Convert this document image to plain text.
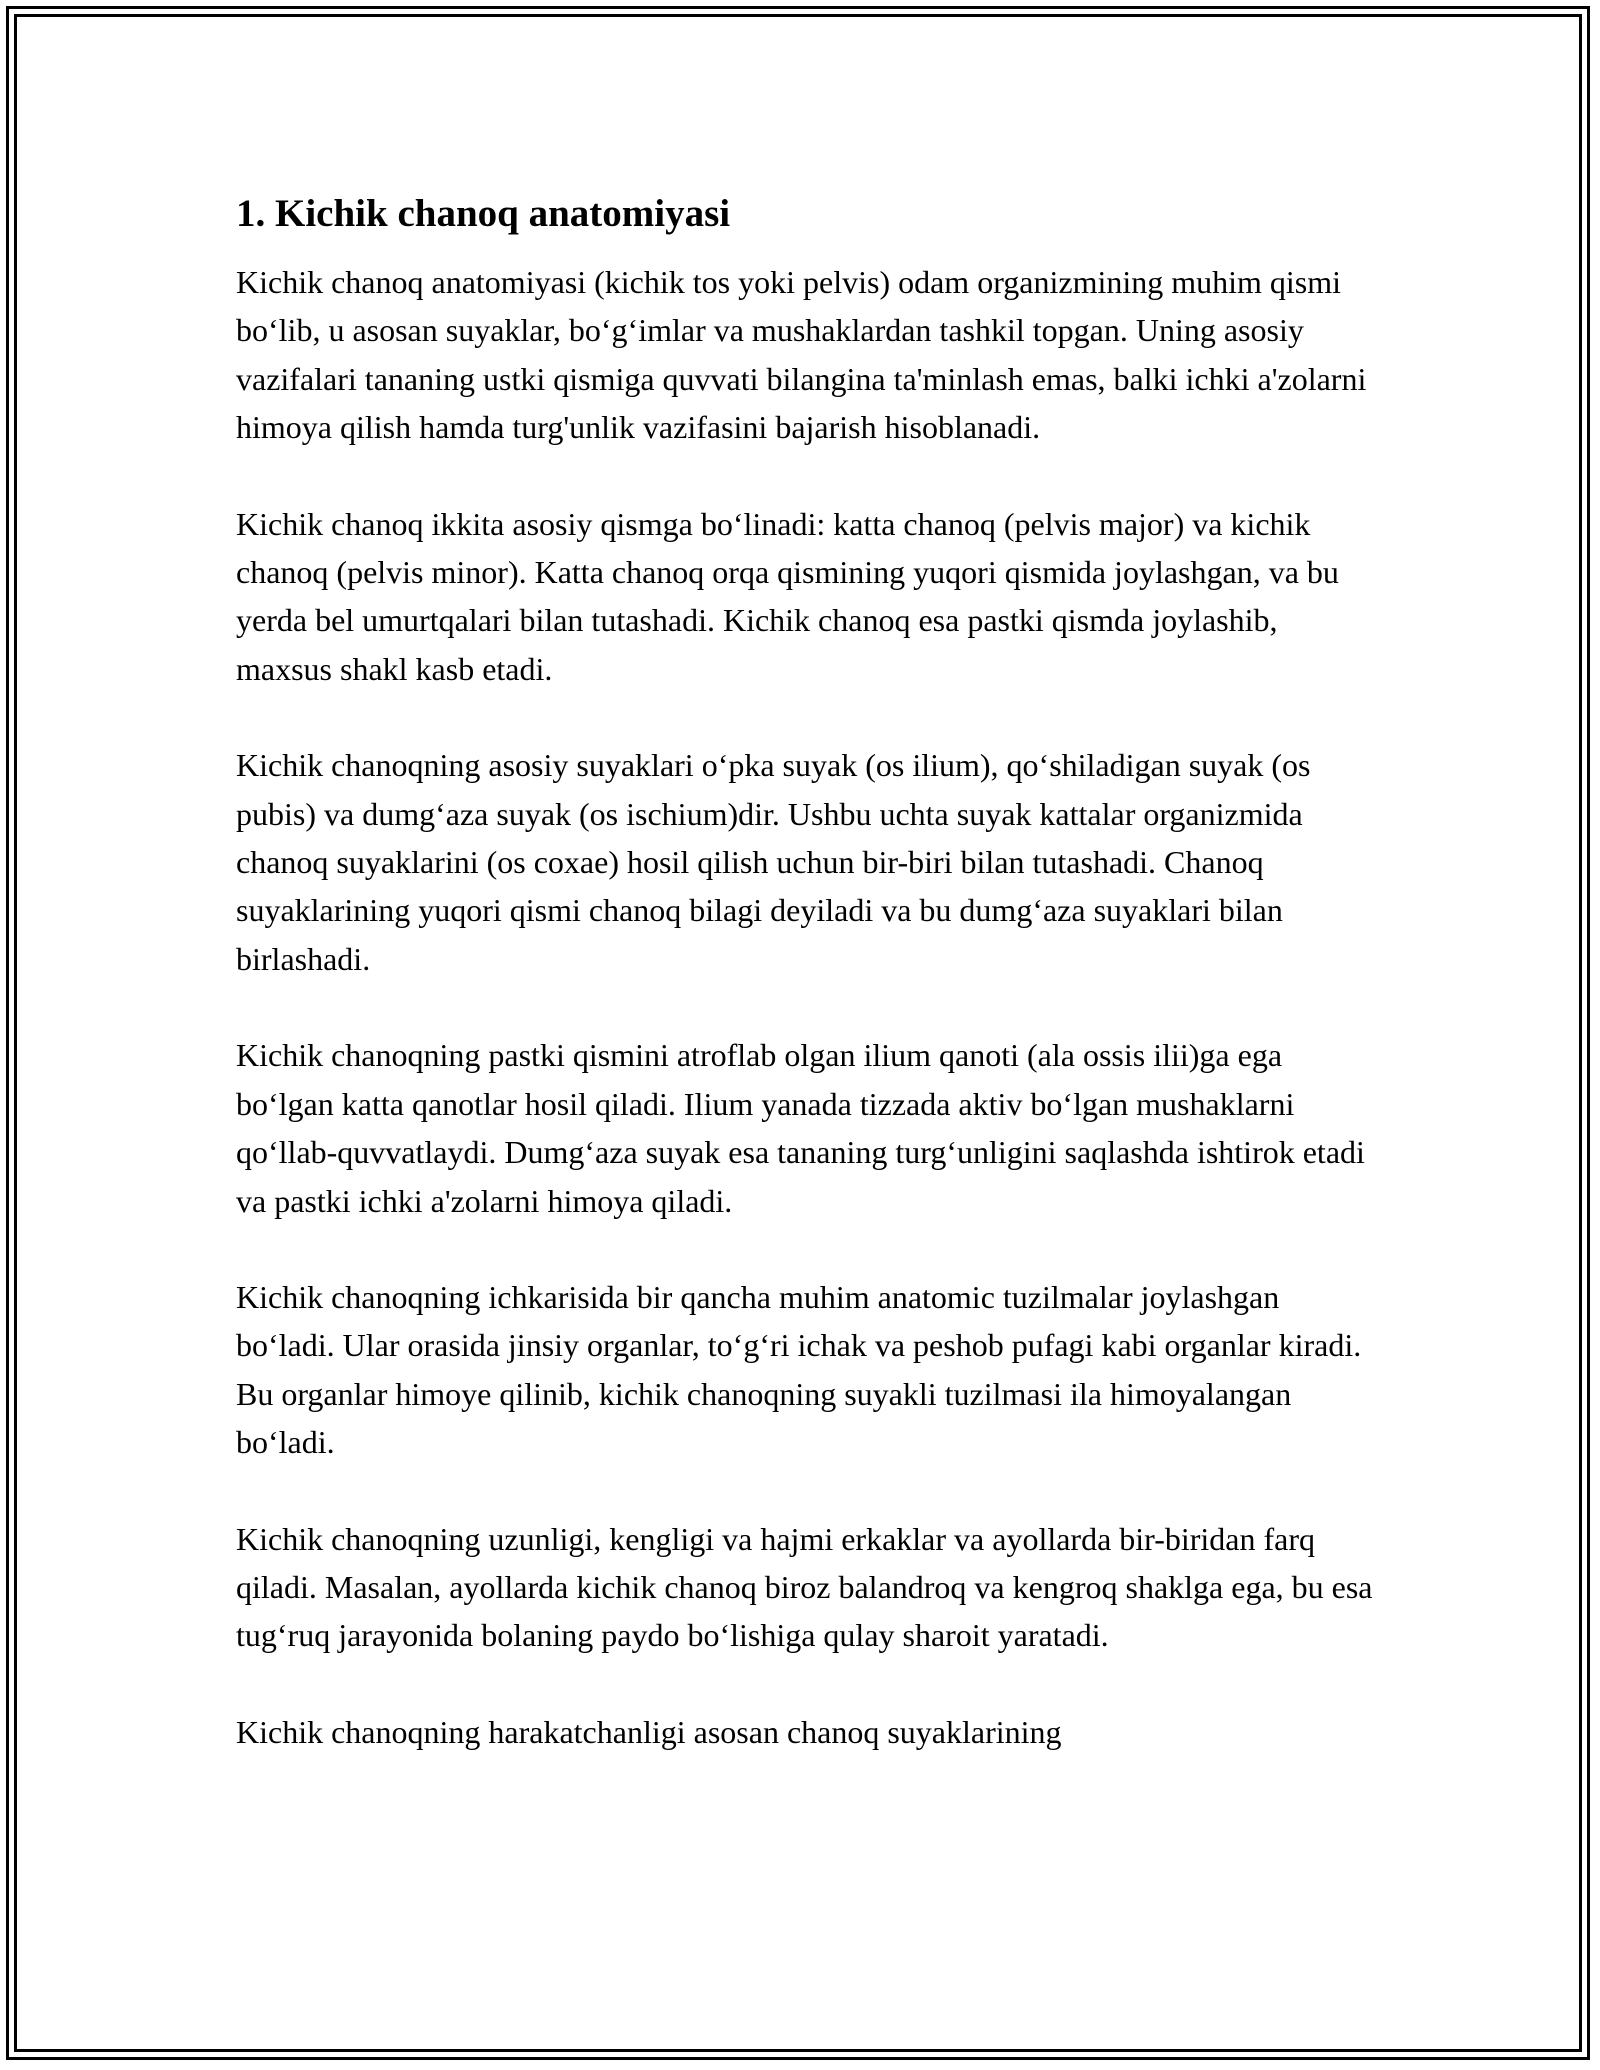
1. Kichik chanoq anatomiyasi

Kichik chanoq anatomiyasi (kichik tos yoki pelvis) odam organizmining muhim qismi bo‘lib, u asosan suyaklar, bo‘g‘imlar va mushaklardan tashkil topgan. Uning asosiy vazifalari tananing ustki qismiga quvvati bilangina ta'minlash emas, balki ichki a'zolarni himoya qilish hamda turg'unlik vazifasini bajarish hisoblanadi.

Kichik chanoq ikkita asosiy qismga bo‘linadi: katta chanoq (pelvis major) va kichik chanoq (pelvis minor). Katta chanoq orqa qismining yuqori qismida joylashgan, va bu yerda bel umurtqalari bilan tutashadi. Kichik chanoq esa pastki qismda joylashib, maxsus shakl kasb etadi.

Kichik chanoqning asosiy suyaklari o‘pka suyak (os ilium), qo‘shiladigan suyak (os pubis) va dumg‘aza suyak (os ischium)dir. Ushbu uchta suyak kattalar organizmida chanoq suyaklarini (os coxae) hosil qilish uchun bir-biri bilan tutashadi. Chanoq suyaklarining yuqori qismi chanoq bilagi deyiladi va bu dumg‘aza suyaklari bilan birlashadi.

Kichik chanoqning pastki qismini atroflab olgan ilium qanoti (ala ossis ilii)ga ega bo‘lgan katta qanotlar hosil qiladi. Ilium yanada tizzada aktiv bo‘lgan mushaklarni qo‘llab-quvvatlaydi. Dumg‘aza suyak esa tananing turg‘unligini saqlashda ishtirok etadi va pastki ichki a'zolarni himoya qiladi.

Kichik chanoqning ichkarisida bir qancha muhim anatomic tuzilmalar joylashgan bo‘ladi. Ular orasida jinsiy organlar, to‘g‘ri ichak va peshob pufagi kabi organlar kiradi. Bu organlar himoye qilinib, kichik chanoqning suyakli tuzilmasi ila himoyalangan bo‘ladi.

Kichik chanoqning uzunligi, kengligi va hajmi erkaklar va ayollarda bir-biridan farq qiladi. Masalan, ayollarda kichik chanoq biroz balandroq va kengroq shaklga ega, bu esa tug‘ruq jarayonida bolaning paydo bo‘lishiga qulay sharoit yaratadi.

Kichik chanoqning harakatchanligi asosan chanoq suyaklarining
